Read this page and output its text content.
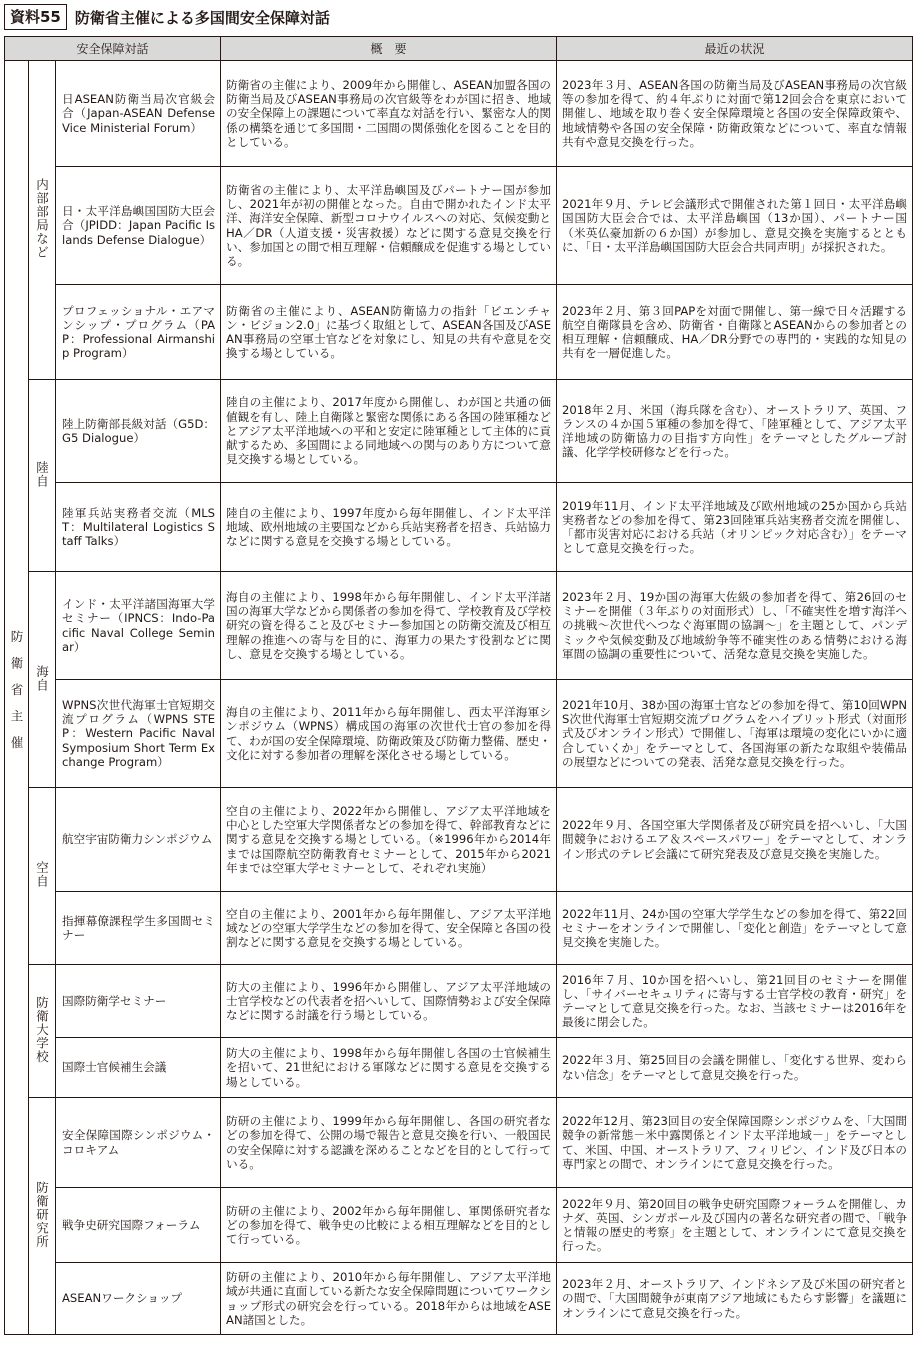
資料55 防衛省主催による多国間安全保障対話
安全保障対話			概　要	最近の状況
防衛省主催	内部部局など	日ASEAN防衛当局次官級会合（Japan-ASEAN Defense Vice Ministerial Forum）	防衛省の主催により、2009年から開催し、ASEAN加盟各国の防衛当局及びASEAN事務局の次官級等をわが国に招き、地域の安全保障上の課題について率直な対話を行い、緊密な人的関係の構築を通じて多国間・二国間の関係強化を図ることを目的としている。	2023年３月、ASEAN各国の防衛当局及びASEAN事務局の次官級等の参加を得て、約４年ぶりに対面で第12回会合を東京において開催し、地域を取り巻く安全保障環境と各国の安全保障政策や、地域情勢や各国の安全保障・防衛政策などについて、率直な情報共有や意見交換を行った。
		日・太平洋島嶼国国防大臣会合（JPIDD：Japan Pacific Islands Defense Dialogue）	防衛省の主催により、太平洋島嶼国及びパートナー国が参加し、2021年が初の開催となった。自由で開かれたインド太平洋、海洋安全保障、新型コロナウイルスへの対応、気候変動とHA／DR（人道支援・災害救援）などに関する意見交換を行い、参加国との間で相互理解・信頼醸成を促進する場としている。	2021年９月、テレビ会議形式で開催された第１回日・太平洋島嶼国国防大臣会合では、太平洋島嶼国（13か国）、パートナー国（米英仏豪加新の６か国）が参加し、意見交換を実施するとともに、「日・太平洋島嶼国国防大臣会合共同声明」が採択された。
		プロフェッショナル・エアマンシップ・プログラム（PAP：Professional Airmanship Program）	防衛省の主催により、ASEAN防衛協力の指針「ビエンチャン・ビジョン2.0」に基づく取組として、ASEAN各国及びASEAN事務局の空軍士官などを対象にし、知見の共有や意見を交換する場としている。	2023年２月、第３回PAPを対面で開催し、第一線で日々活躍する航空自衛隊員を含め、防衛省・自衛隊とASEANからの参加者との相互理解・信頼醸成、HA／DR分野での専門的・実践的な知見の共有を一層促進した。
	陸自	陸上防衛部長級対話（G5D：G5 Dialogue）	陸自の主催により、2017年度から開催し、わが国と共通の価値観を有し、陸上自衛隊と緊密な関係にある各国の陸軍種などとアジア太平洋地域への平和と安定に陸軍種として主体的に貢献するため、多国間による同地域への関与のあり方について意見交換する場としている。	2018年２月、米国（海兵隊を含む）、オーストラリア、英国、フランスの４か国５軍種の参加を得て、「陸軍種として、アジア太平洋地域の防衛協力の目指す方向性」をテーマとしたグループ討議、化学学校研修などを行った。
		陸軍兵站実務者交流（MLST：Multilateral Logistics Staff Talks）	陸自の主催により、1997年度から毎年開催し、インド太平洋地域、欧州地域の主要国などから兵站実務者を招き、兵站協力などに関する意見を交換する場としている。	2019年11月、インド太平洋地域及び欧州地域の25か国から兵站実務者などの参加を得て、第23回陸軍兵站実務者交流を開催し、「都市災害対応における兵站（オリンピック対応含む）」をテーマとして意見交換を行った。
	海自	インド・太平洋諸国海軍大学セミナー（IPNCS：Indo-Pacific Naval College Seminar）	海自の主催により、1998年から毎年開催し、インド太平洋諸国の海軍大学などから関係者の参加を得て、学校教育及び学校研究の資を得ること及びセミナー参加国との防衛交流及び相互理解の推進への寄与を目的に、海軍力の果たす役割などに関し、意見を交換する場としている。	2023年２月、19か国の海軍大佐級の参加者を得て、第26回のセミナーを開催（３年ぶりの対面形式）し、「不確実性を増す海洋への挑戦～次世代へつなぐ海軍間の協調～」を主題として、パンデミックや気候変動及び地域紛争等不確実性のある情勢における海軍間の協調の重要性について、活発な意見交換を実施した。
		WPNS次世代海軍士官短期交流プログラム（WPNS STEP：Western Pacific Naval Symposium Short Term Exchange Program）	海自の主催により、2011年から毎年開催し、西太平洋海軍シンポジウム（WPNS）構成国の海軍の次世代士官の参加を得て、わが国の安全保障環境、防衛政策及び防衛力整備、歴史・文化に対する参加者の理解を深化させる場としている。	2021年10月、38か国の海軍士官などの参加を得て、第10回WPNS次世代海軍士官短期交流プログラムをハイブリット形式（対面形式及びオンライン形式）で開催し、「海軍は環境の変化にいかに適合していくか」をテーマとして、各国海軍の新たな取組や装備品の展望などについての発表、活発な意見交換を行った。
	空自	航空宇宙防衛力シンポジウム	空自の主催により、2022年から開催し、アジア太平洋地域を中心とした空軍大学関係者などの参加を得て、幹部教育などに関する意見を交換する場としている。（※1996年から2014年までは国際航空防衛教育セミナーとして、2015年から2021年までは空軍大学セミナーとして、それぞれ実施）	2022年９月、各国空軍大学関係者及び研究員を招へいし、「大国間競争におけるエア＆スペースパワー」をテーマとして、オンライン形式のテレビ会議にて研究発表及び意見交換を実施した。
		指揮幕僚課程学生多国間セミナー	空自の主催により、2001年から毎年開催し、アジア太平洋地域などの空軍大学学生などの参加を得て、安全保障と各国の役割などに関する意見を交換する場としている。	2022年11月、24か国の空軍大学学生などの参加を得て、第22回セミナーをオンラインで開催し、「変化と創造」をテーマとして意見交換を実施した。
	防衛大学校	国際防衛学セミナー	防大の主催により、1996年から開催し、アジア太平洋地域の士官学校などの代表者を招へいして、国際情勢および安全保障などに関する討議を行う場としている。	2016年７月、10か国を招へいし、第21回目のセミナーを開催し、「サイバーセキュリティに寄与する士官学校の教育・研究」をテーマとして意見交換を行った。なお、当該セミナーは2016年を最後に閉会した。
		国際士官候補生会議	防大の主催により、1998年から毎年開催し各国の士官候補生を招いて、21世紀における軍隊などに関する意見を交換する場としている。	2022年３月、第25回目の会議を開催し、「変化する世界、変わらない信念」をテーマとして意見交換を行った。
	防衛研究所	安全保障国際シンポジウム・コロキアム	防研の主催により、1999年から毎年開催し、各国の研究者などの参加を得て、公開の場で報告と意見交換を行い、一般国民の安全保障に対する認識を深めることなどを目的として行っている。	2022年12月、第23回目の安全保障国際シンポジウムを、「大国間競争の新常態－米中露関係とインド太平洋地域－」をテーマとして、米国、中国、オーストラリア、フィリピン、インド及び日本の専門家との間で、オンラインにて意見交換を行った。
		戦争史研究国際フォーラム	防研の主催により、2002年から毎年開催し、軍関係研究者などの参加を得て、戦争史の比較による相互理解などを目的として行っている。	2022年９月、第20回目の戦争史研究国際フォーラムを開催し、カナダ、英国、シンガポール及び国内の著名な研究者の間で、「戦争と情報の歴史的考察」を主題として、オンラインにて意見交換を行った。
		ASEANワークショップ	防研の主催により、2010年から毎年開催し、アジア太平洋地域が共通に直面している新たな安全保障問題についてワークショップ形式の研究会を行っている。2018年からは地域をASEAN諸国とした。	2023年２月、オーストラリア、インドネシア及び米国の研究者との間で、「大国間競争が東南アジア地域にもたらす影響」を議題にオンラインにて意見交換を行った。
